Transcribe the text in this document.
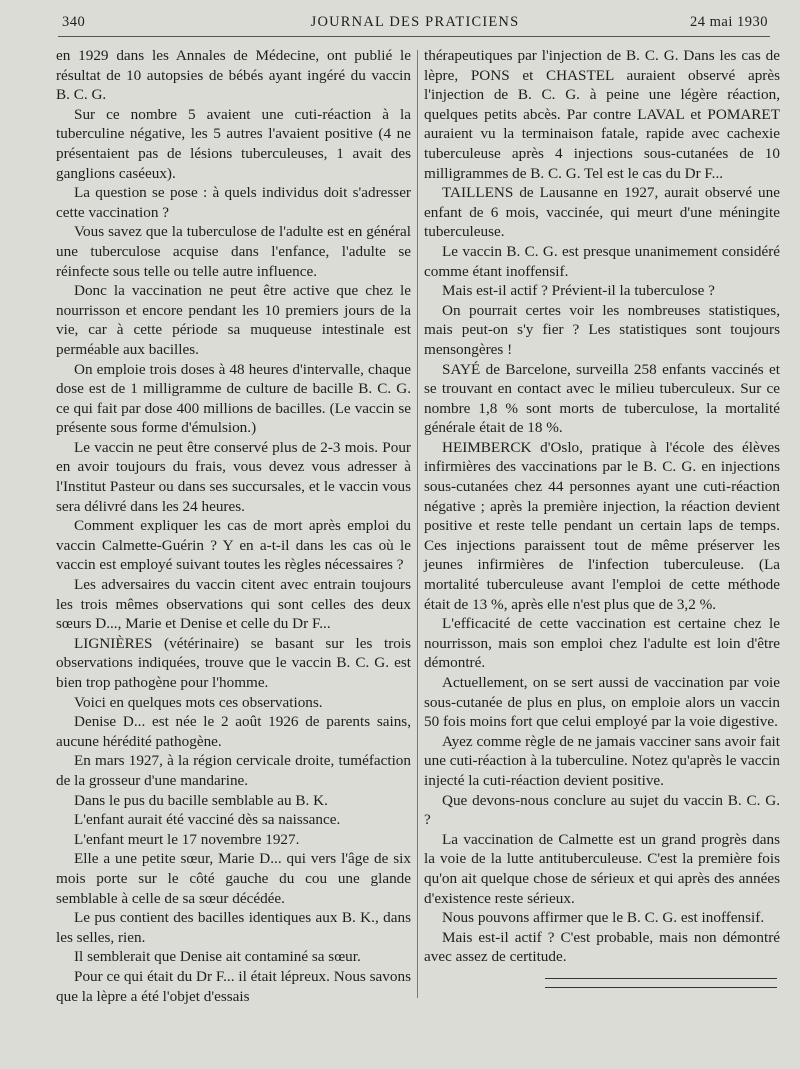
340	JOURNAL DES PRATICIENS	24 mai 1930

en 1929 dans les Annales de Médecine, ont publié le résultat de 10 autopsies de bébés ayant ingéré du vaccin B. C. G.

Sur ce nombre 5 avaient une cuti-réaction à la tuberculine négative, les 5 autres l'avaient positive (4 ne présentaient pas de lésions tuberculeuses, 1 avait des ganglions caséeux).

La question se pose : à quels individus doit s'adresser cette vaccination ?

Vous savez que la tuberculose de l'adulte est en général une tuberculose acquise dans l'enfance, l'adulte se réinfecte sous telle ou telle autre influence.

Donc la vaccination ne peut être active que chez le nourrisson et encore pendant les 10 premiers jours de la vie, car à cette période sa muqueuse intestinale est perméable aux bacilles.

On emploie trois doses à 48 heures d'intervalle, chaque dose est de 1 milligramme de culture de bacille B. C. G. ce qui fait par dose 400 millions de bacilles. (Le vaccin se présente sous forme d'émulsion.)

Le vaccin ne peut être conservé plus de 2-3 mois. Pour en avoir toujours du frais, vous devez vous adresser à l'Institut Pasteur ou dans ses succursales, et le vaccin vous sera délivré dans les 24 heures.

Comment expliquer les cas de mort après emploi du vaccin Calmette-Guérin ? Y en a-t-il dans les cas où le vaccin est employé suivant toutes les règles nécessaires ?

Les adversaires du vaccin citent avec entrain toujours les trois mêmes observations qui sont celles des deux sœurs D..., Marie et Denise et celle du Dr F...

LIGNIÈRES (vétérinaire) se basant sur les trois observations indiquées, trouve que le vaccin B. C. G. est bien trop pathogène pour l'homme.

Voici en quelques mots ces observations.

Denise D... est née le 2 août 1926 de parents sains, aucune hérédité pathogène.

En mars 1927, à la région cervicale droite, tuméfaction de la grosseur d'une mandarine.

Dans le pus du bacille semblable au B. K.

L'enfant aurait été vacciné dès sa naissance.

L'enfant meurt le 17 novembre 1927.

Elle a une petite sœur, Marie D... qui vers l'âge de six mois porte sur le côté gauche du cou une glande semblable à celle de sa sœur décédée.

Le pus contient des bacilles identiques aux B. K., dans les selles, rien.

Il semblerait que Denise ait contaminé sa sœur.

Pour ce qui était du Dr F... il était lépreux. Nous savons que la lèpre a été l'objet d'essais

thérapeutiques par l'injection de B. C. G. Dans les cas de lèpre, PONS et CHASTEL auraient observé après l'injection de B. C. G. à peine une légère réaction, quelques petits abcès. Par contre LAVAL et POMARET auraient vu la terminaison fatale, rapide avec cachexie tuberculeuse après 4 injections sous-cutanées de 10 milligrammes de B. C. G. Tel est le cas du Dr F...

TAILLENS de Lausanne en 1927, aurait observé une enfant de 6 mois, vaccinée, qui meurt d'une méningite tuberculeuse.

Le vaccin B. C. G. est presque unanimement considéré comme étant inoffensif.

Mais est-il actif ? Prévient-il la tuberculose ?

On pourrait certes voir les nombreuses statistiques, mais peut-on s'y fier ? Les statistiques sont toujours mensongères !

SAYÉ de Barcelone, surveilla 258 enfants vaccinés et se trouvant en contact avec le milieu tuberculeux. Sur ce nombre 1,8 % sont morts de tuberculose, la mortalité générale était de 18 %.

HEIMBERCK d'Oslo, pratique à l'école des élèves infirmières des vaccinations par le B. C. G. en injections sous-cutanées chez 44 personnes ayant une cuti-réaction négative ; après la première injection, la réaction devient positive et reste telle pendant un certain laps de temps. Ces injections paraissent tout de même préserver les jeunes infirmières de l'infection tuberculeuse. (La mortalité tuberculeuse avant l'emploi de cette méthode était de 13 %, après elle n'est plus que de 3,2 %.

L'efficacité de cette vaccination est certaine chez le nourrisson, mais son emploi chez l'adulte est loin d'être démontré.

Actuellement, on se sert aussi de vaccination par voie sous-cutanée de plus en plus, on emploie alors un vaccin 50 fois moins fort que celui employé par la voie digestive.

Ayez comme règle de ne jamais vacciner sans avoir fait une cuti-réaction à la tuberculine. Notez qu'après le vaccin injecté la cuti-réaction devient positive.

Que devons-nous conclure au sujet du vaccin B. C. G. ?

La vaccination de Calmette est un grand progrès dans la voie de la lutte antituberculeuse. C'est la première fois qu'on ait quelque chose de sérieux et qui après des années d'existence reste sérieux.

Nous pouvons affirmer que le B. C. G. est inoffensif.

Mais est-il actif ? C'est probable, mais non démontré avec assez de certitude.
